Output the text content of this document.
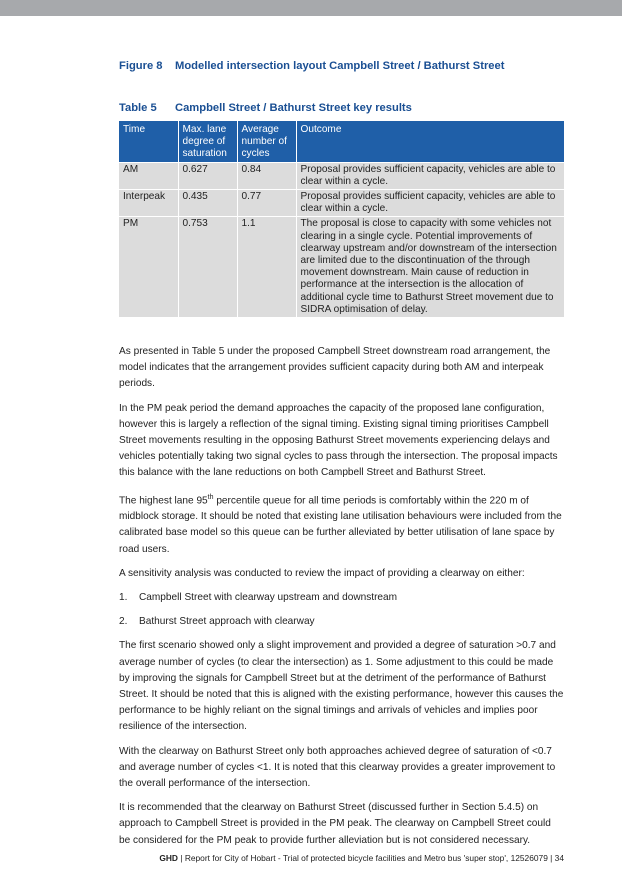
Figure 8 Modelled intersection layout Campbell Street / Bathurst Street
Table 5 Campbell Street / Bathurst Street key results
Time	Max. lane degree of saturation	Average number of cycles	Outcome
AM	0.627	0.84	Proposal provides sufficient capacity, vehicles are able to clear within a cycle.
Interpeak	0.435	0.77	Proposal provides sufficient capacity, vehicles are able to clear within a cycle.
PM	0.753	1.1	The proposal is close to capacity with some vehicles not clearing in a single cycle. Potential improvements of clearway upstream and/or downstream of the intersection are limited due to the discontinuation of the through movement downstream. Main cause of reduction in performance at the intersection is the allocation of additional cycle time to Bathurst Street movement due to SIDRA optimisation of delay.

As presented in Table 5 under the proposed Campbell Street downstream road arrangement, the model indicates that the arrangement provides sufficient capacity during both AM and interpeak periods.

In the PM peak period the demand approaches the capacity of the proposed lane configuration, however this is largely a reflection of the signal timing. Existing signal timing prioritises Campbell Street movements resulting in the opposing Bathurst Street movements experiencing delays and vehicles potentially taking two signal cycles to pass through the intersection. The proposal impacts this balance with the lane reductions on both Campbell Street and Bathurst Street.

The highest lane 95th percentile queue for all time periods is comfortably within the 220 m of midblock storage. It should be noted that existing lane utilisation behaviours were included from the calibrated base model so this queue can be further alleviated by better utilisation of lane space by road users.

A sensitivity analysis was conducted to review the impact of providing a clearway on either:

1.	Campbell Street with clearway upstream and downstream
2.	Bathurst Street approach with clearway

The first scenario showed only a slight improvement and provided a degree of saturation >0.7 and average number of cycles (to clear the intersection) as 1. Some adjustment to this could be made by improving the signals for Campbell Street but at the detriment of the performance of Bathurst Street. It should be noted that this is aligned with the existing performance, however this causes the performance to be highly reliant on the signal timings and arrivals of vehicles and implies poor resilience of the intersection.

With the clearway on Bathurst Street only both approaches achieved degree of saturation of <0.7 and average number of cycles <1. It is noted that this clearway provides a greater improvement to the overall performance of the intersection.

It is recommended that the clearway on Bathurst Street (discussed further in Section 5.4.5) on approach to Campbell Street is provided in the PM peak. The clearway on Campbell Street could be considered for the PM peak to provide further alleviation but is not considered necessary.

GHD | Report for City of Hobart - Trial of protected bicycle facilities and Metro bus 'super stop', 12526079 | 34
